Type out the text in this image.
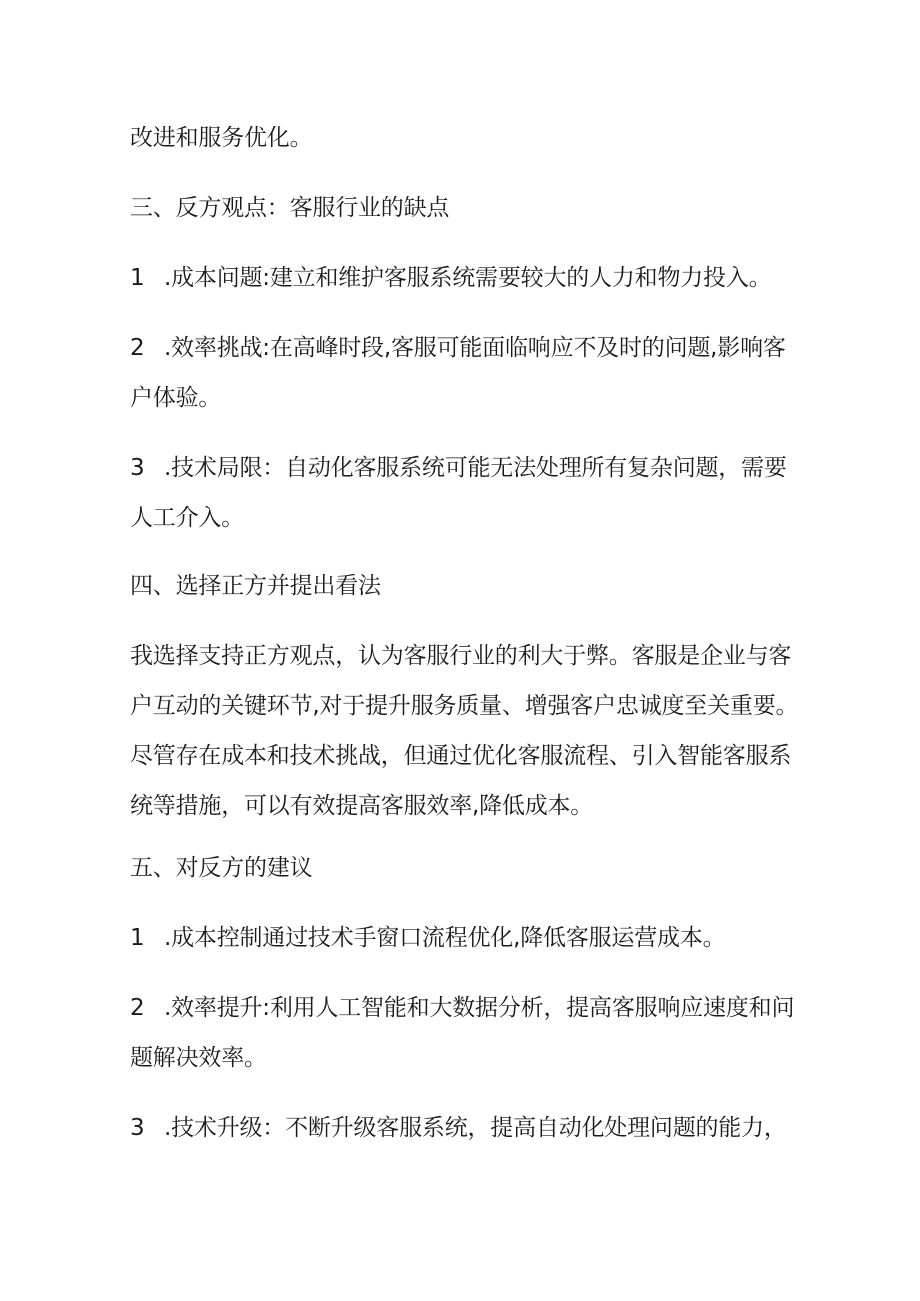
改进和服务优化。

三、反方观点：客服行业的缺点

1 .成本问题:建立和维护客服系统需要较大的人力和物力投入。

2 .效率挑战:在高峰时段,客服可能面临响应不及时的问题,影响客
户体验。

3 .技术局限：自动化客服系统可能无法处理所有复杂问题，需要
人工介入。

四、选择正方并提出看法

我选择支持正方观点，认为客服行业的利大于弊。客服是企业与客
户互动的关键环节,对于提升服务质量、增强客户忠诚度至关重要。
尽管存在成本和技术挑战，但通过优化客服流程、引入智能客服系
统等措施，可以有效提高客服效率,降低成本。

五、对反方的建议

1 .成本控制通过技术手窗口流程优化,降低客服运营成本。

2 .效率提升:利用人工智能和大数据分析，提高客服响应速度和问
题解决效率。

3 .技术升级：不断升级客服系统，提高自动化处理问题的能力，
